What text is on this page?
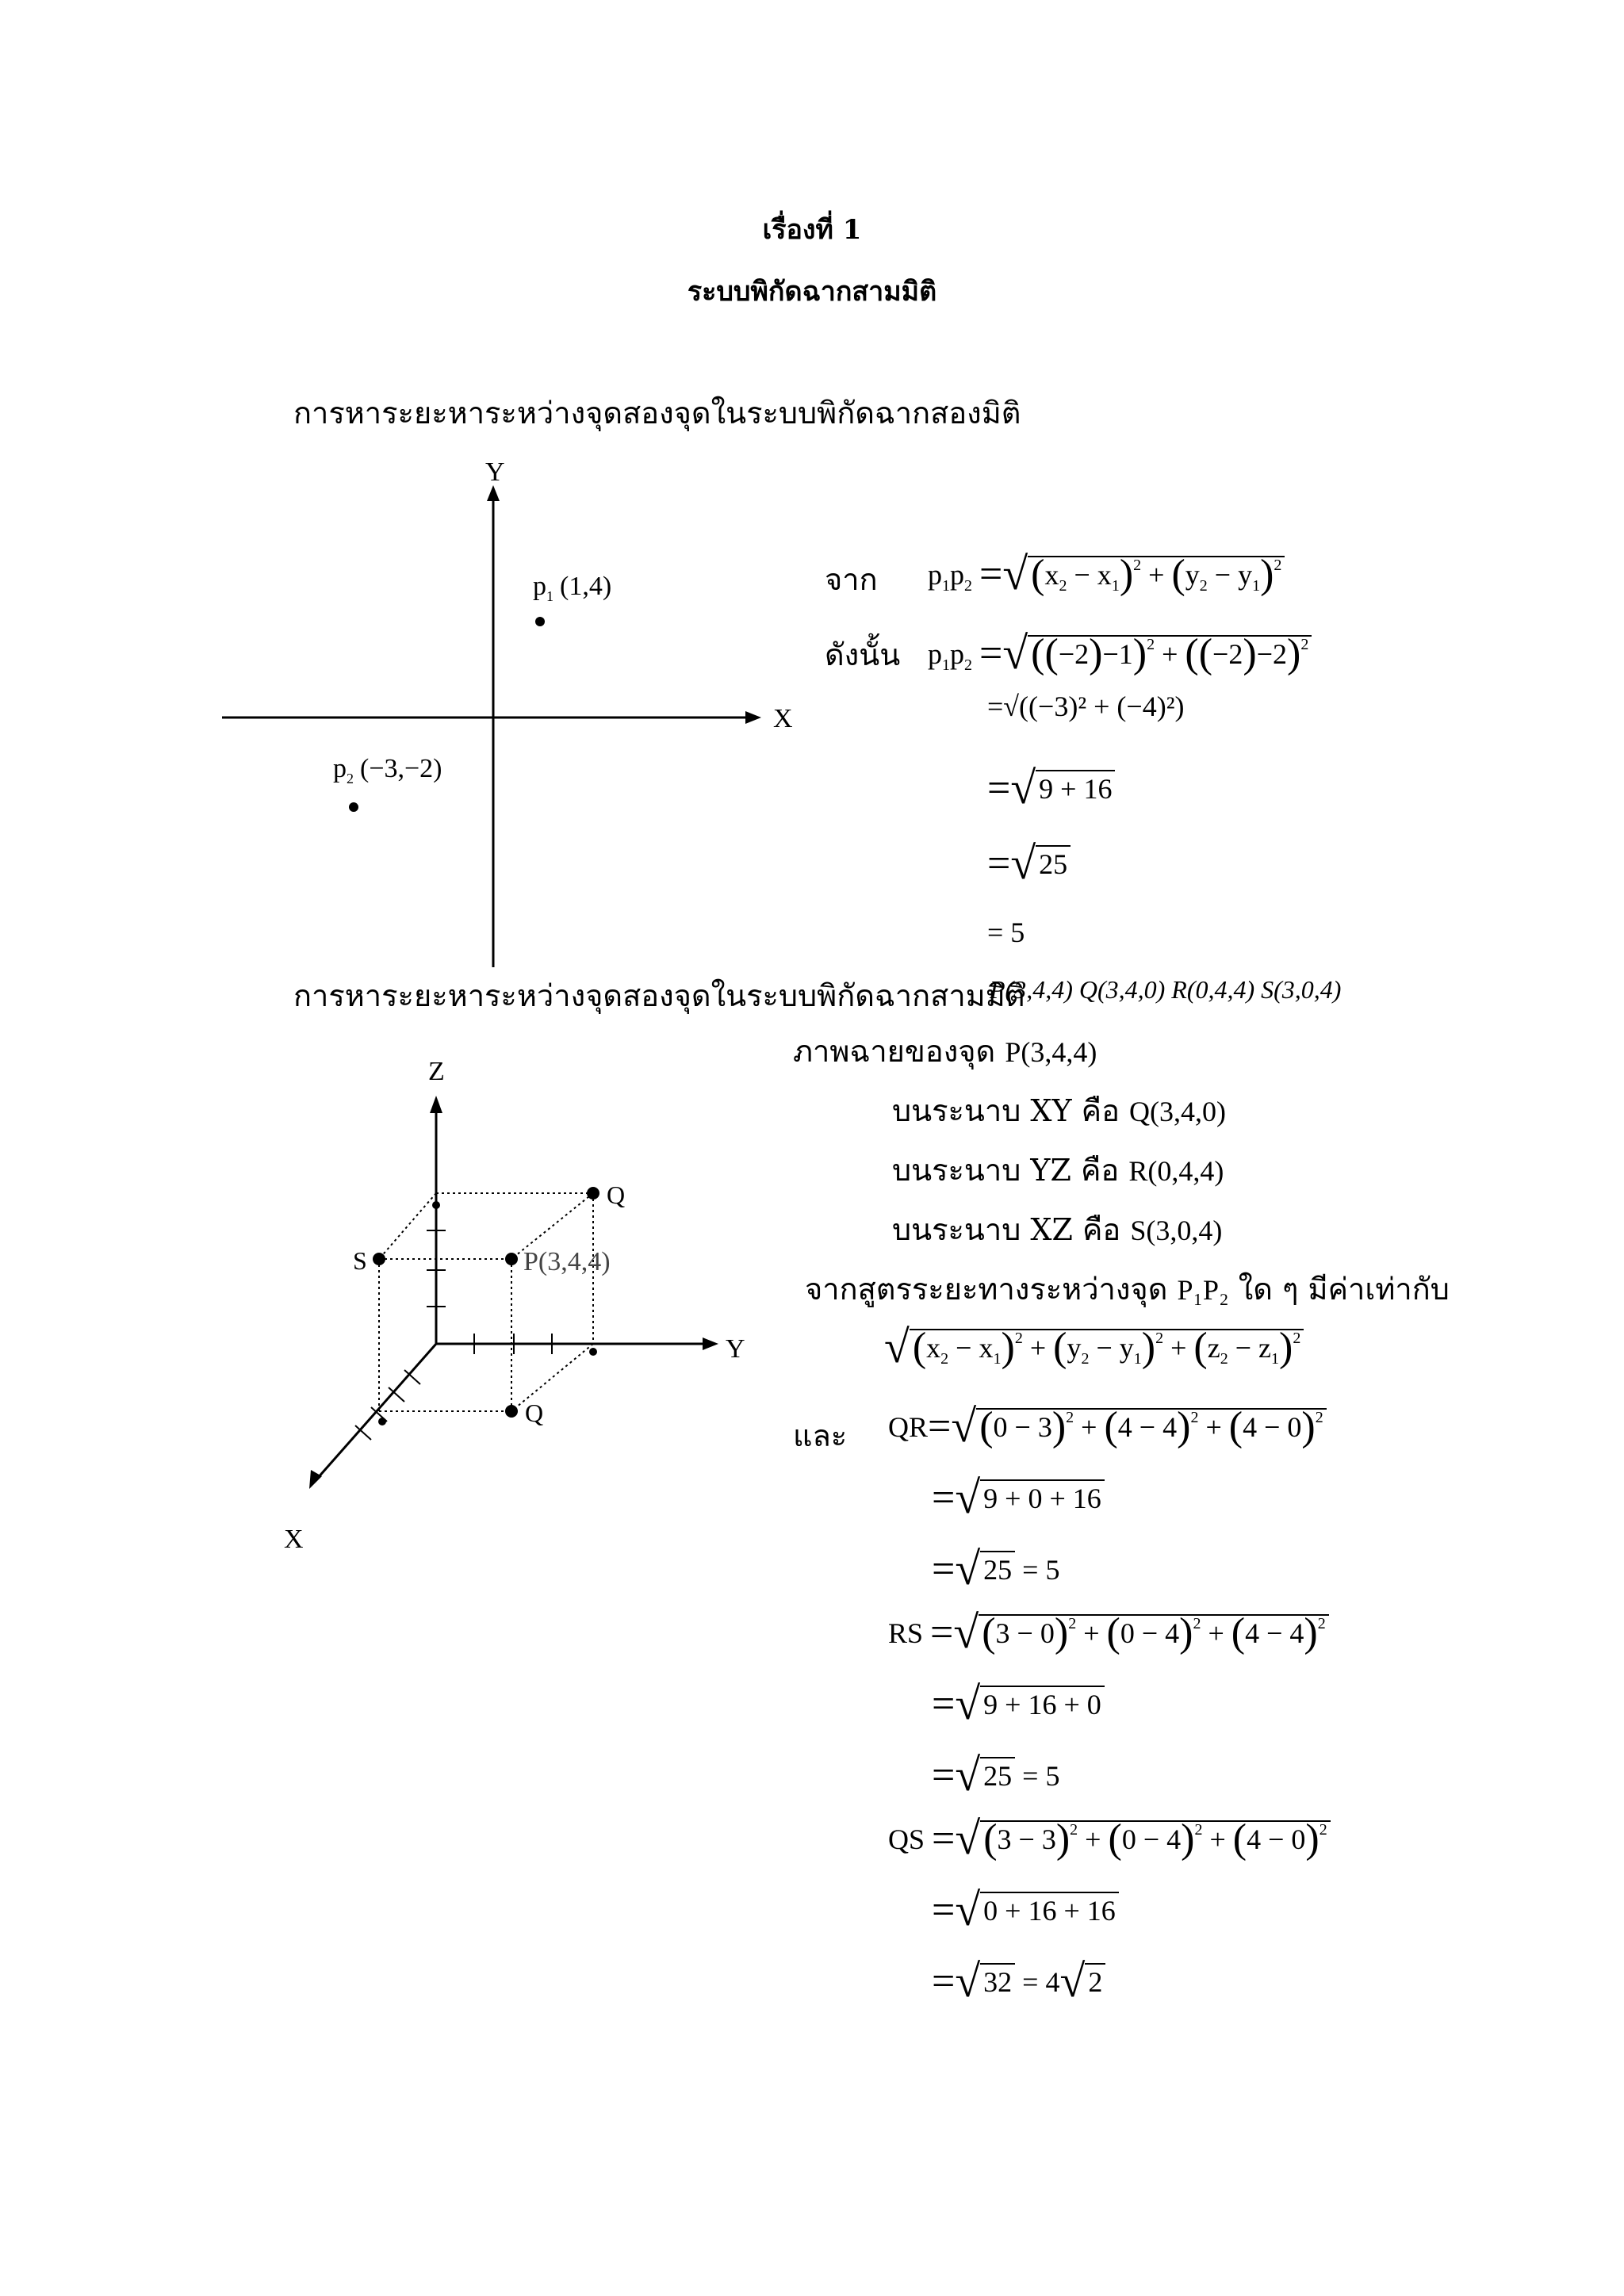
เรื่องที่ 1
ระบบพิกัดฉากสามมิติ
การหาระยะหาระหว่างจุดสองจุดในระบบพิกัดฉากสองมิติ
Y
X
$p_1$ (1,4)
$p_2$ (−3,−2)
จาก $p_1p_2 =√(x_2 - x_1)^2 + (y_2 - y_1)^2$
ดังนั้น $p_1p_2 =√((-2)-1)^2 + ((-2)-2)^2$
=√((−3)² + (−4)²)
=√ 9 + 16
=√ 25
= 5
การหาระยะหาระหว่างจุดสองจุดในระบบพิกัดฉากสามมิติ
P(3,4,4) Q(3,4,0) R(0,4,4) S(3,0,4)
Z
Y
X
Q
S	P(3,4,4)
Q
ภาพฉายของจุด P(3,4,4)
บนระนาบ XY คือ Q(3,4,0)
บนระนาบ YZ คือ R(0,4,4)
บนระนาบ XZ คือ S(3,0,4)
จากสูตรระยะทางระหว่างจุด P₁P₂ ใด ๆ มีค่าเท่ากับ
$√(x_2 - x_1)^2 + (y_2 - y_1)^2 + (z_2 - z_1)^2$
และ $QR=√(0 - 3)^2 + (4 - 4)^2 + (4 - 0)^2$
=√ 9 + 0 + 16
=√ 25 = 5
RS $=√(3 - 0)^2 + (0 - 4)^2 + (4 - 4)^2$
=√ 9 + 16 + 0
=√ 25 = 5
QS $=√(3 - 3)^2 + (0 - 4)^2 + (4 - 0)^2$
=√ 0 + 16 + 16
=√ 32 = 4√ 2
